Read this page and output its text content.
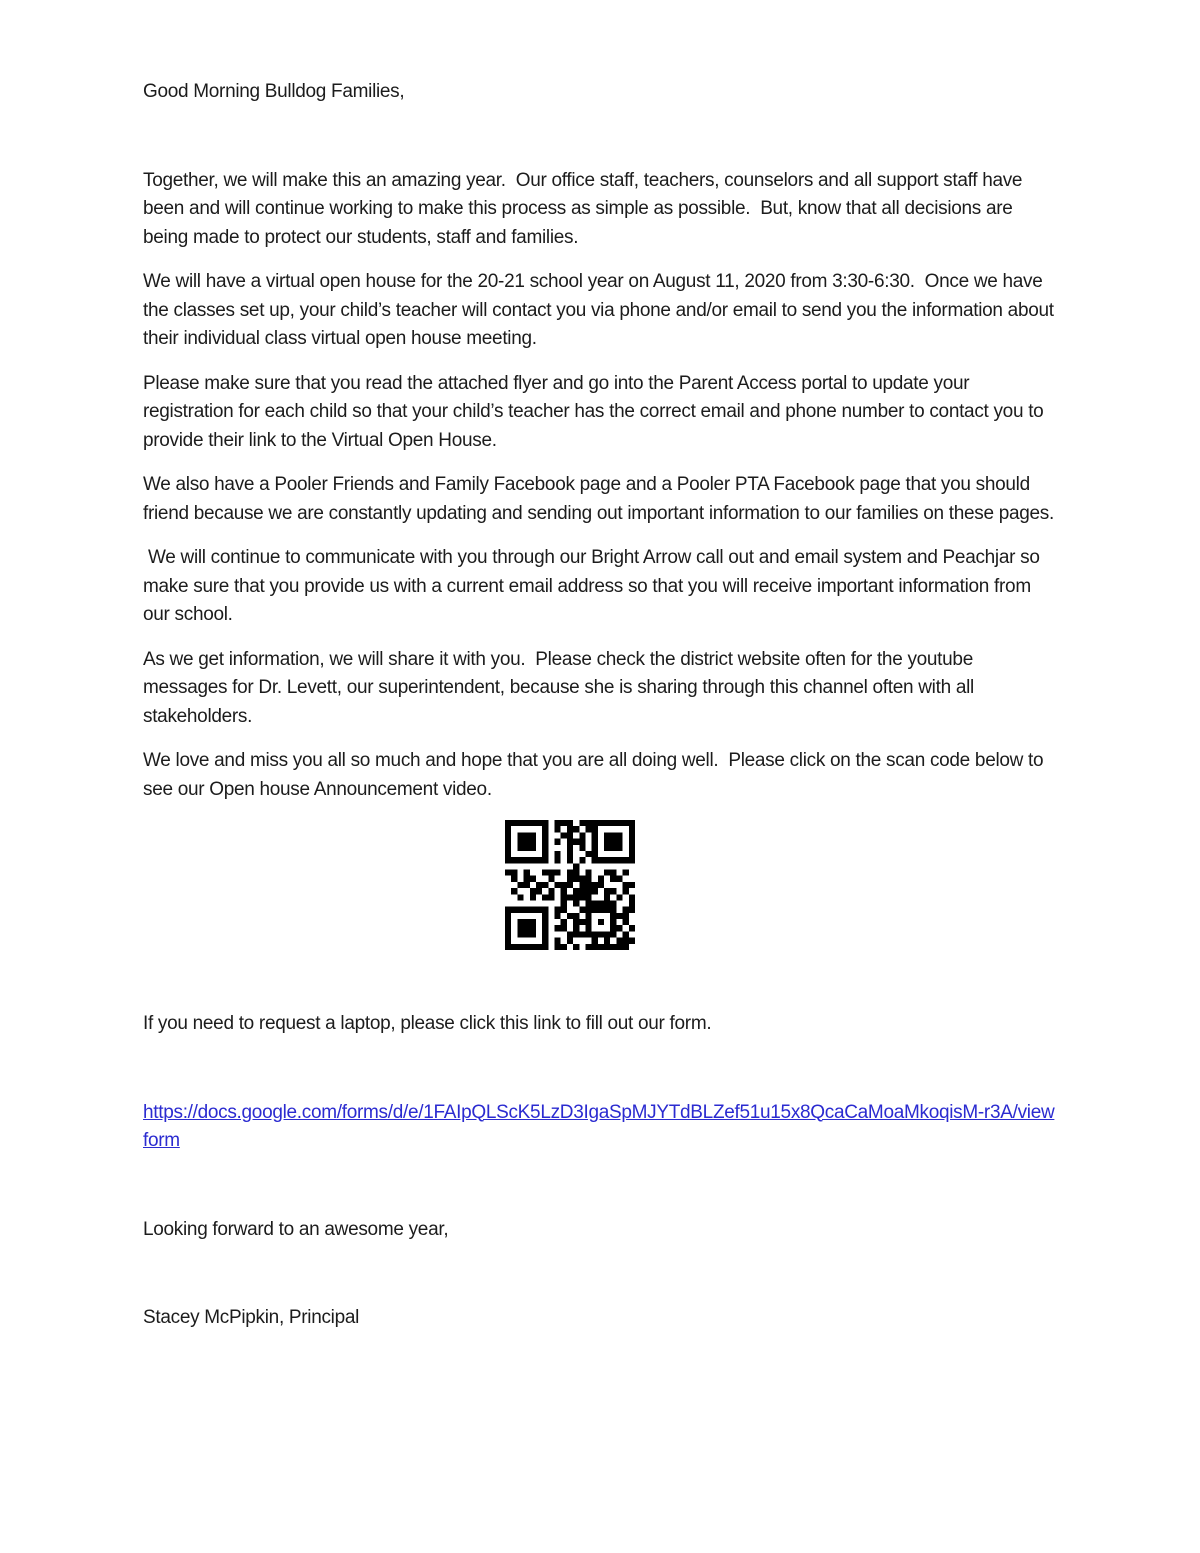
Good Morning Bulldog Families,

Together, we will make this an amazing year.  Our office staff, teachers, counselors and all support staff have been and will continue working to make this process as simple as possible.  But, know that all decisions are being made to protect our students, staff and families.

We will have a virtual open house for the 20-21 school year on August 11, 2020 from 3:30-6:30.  Once we have the classes set up, your child’s teacher will contact you via phone and/or email to send you the information about their individual class virtual open house meeting.

Please make sure that you read the attached flyer and go into the Parent Access portal to update your registration for each child so that your child’s teacher has the correct email and phone number to contact you to provide their link to the Virtual Open House.

We also have a Pooler Friends and Family Facebook page and a Pooler PTA Facebook page that you should friend because we are constantly updating and sending out important information to our families on these pages.

We will continue to communicate with you through our Bright Arrow call out and email system and Peachjar so make sure that you provide us with a current email address so that you will receive important information from our school.

As we get information, we will share it with you.  Please check the district website often for the youtube messages for Dr. Levett, our superintendent, because she is sharing through this channel often with all stakeholders.

We love and miss you all so much and hope that you are all doing well.  Please click on the scan code below to see our Open house Announcement video.

If you need to request a laptop, please click this link to fill out our form.

https://docs.google.com/forms/d/e/1FAIpQLScK5LzD3IgaSpMJYTdBLZef51u15x8QcaCaMoaMkoqisM-r3A/viewform

Looking forward to an awesome year,

Stacey McPipkin, Principal
